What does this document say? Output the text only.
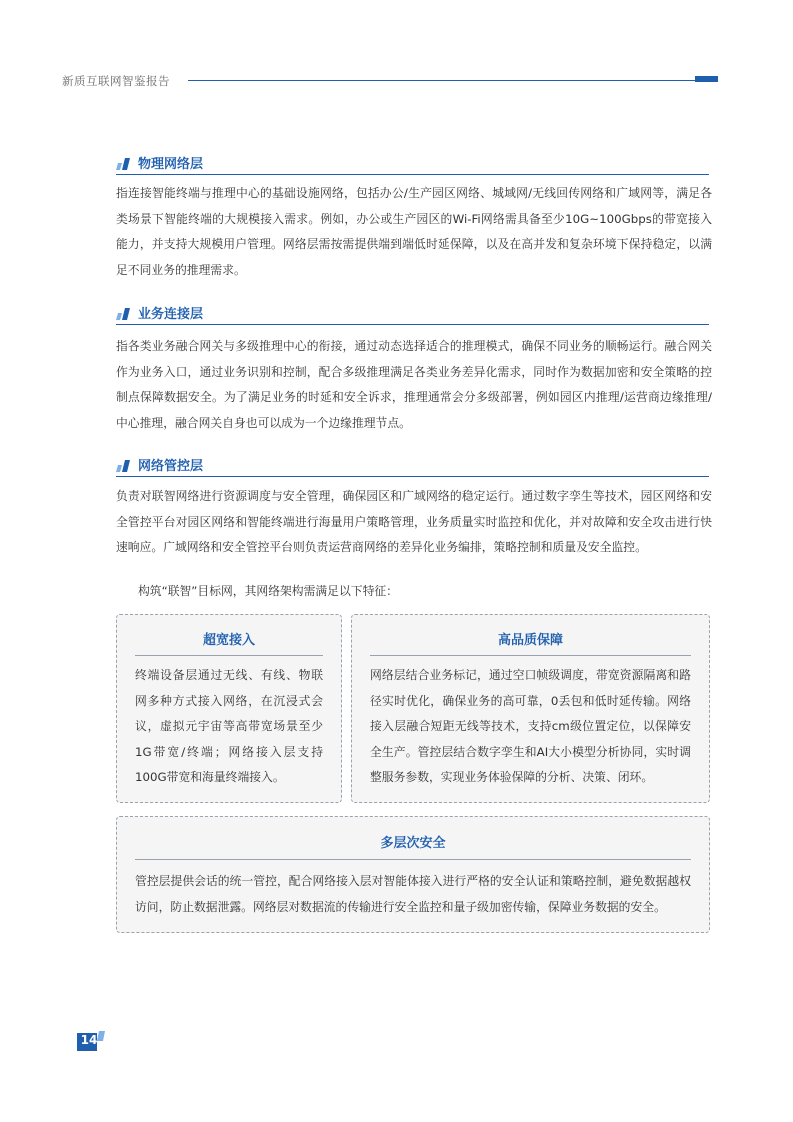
新质互联网智鉴报告
物理网络层

指连接智能终端与推理中心的基础设施网络，包括办公/生产园区网络、城域网/无线回传网络和广域网等，满足各类场景下智能终端的大规模接入需求。例如，办公或生产园区的Wi-Fi网络需具备至少10G~100Gbps的带宽接入能力，并支持大规模用户管理。网络层需按需提供端到端低时延保障，以及在高并发和复杂环境下保持稳定，以满足不同业务的推理需求。

业务连接层

指各类业务融合网关与多级推理中心的衔接，通过动态选择适合的推理模式，确保不同业务的顺畅运行。融合网关作为业务入口，通过业务识别和控制，配合多级推理满足各类业务差异化需求，同时作为数据加密和安全策略的控制点保障数据安全。为了满足业务的时延和安全诉求，推理通常会分多级部署，例如园区内推理/运营商边缘推理/中心推理，融合网关自身也可以成为一个边缘推理节点。

网络管控层

负责对联智网络进行资源调度与安全管理，确保园区和广域网络的稳定运行。通过数字孪生等技术，园区网络和安全管控平台对园区网络和智能终端进行海量用户策略管理，业务质量实时监控和优化，并对故障和安全攻击进行快速响应。广域网络和安全管控平台则负责运营商网络的差异化业务编排，策略控制和质量及安全监控。

构筑“联智”目标网，其网络架构需满足以下特征：
超宽接入

终端设备层通过无线、有线、物联网多种方式接入网络，在沉浸式会议，虚拟元宇宙等高带宽场景至少1G带宽/终端；网络接入层支持100G带宽和海量终端接入。

高品质保障

网络层结合业务标记，通过空口帧级调度，带宽资源隔离和路径实时优化，确保业务的高可靠，0丢包和低时延传输。网络接入层融合短距无线等技术，支持cm级位置定位，以保障安全生产。管控层结合数字孪生和AI大小模型分析协同，实时调整服务参数，实现业务体验保障的分析、决策、闭环。

多层次安全

管控层提供会话的统一管控，配合网络接入层对智能体接入进行严格的安全认证和策略控制，避免数据越权访问，防止数据泄露。网络层对数据流的传输进行安全监控和量子级加密传输，保障业务数据的安全。

14
